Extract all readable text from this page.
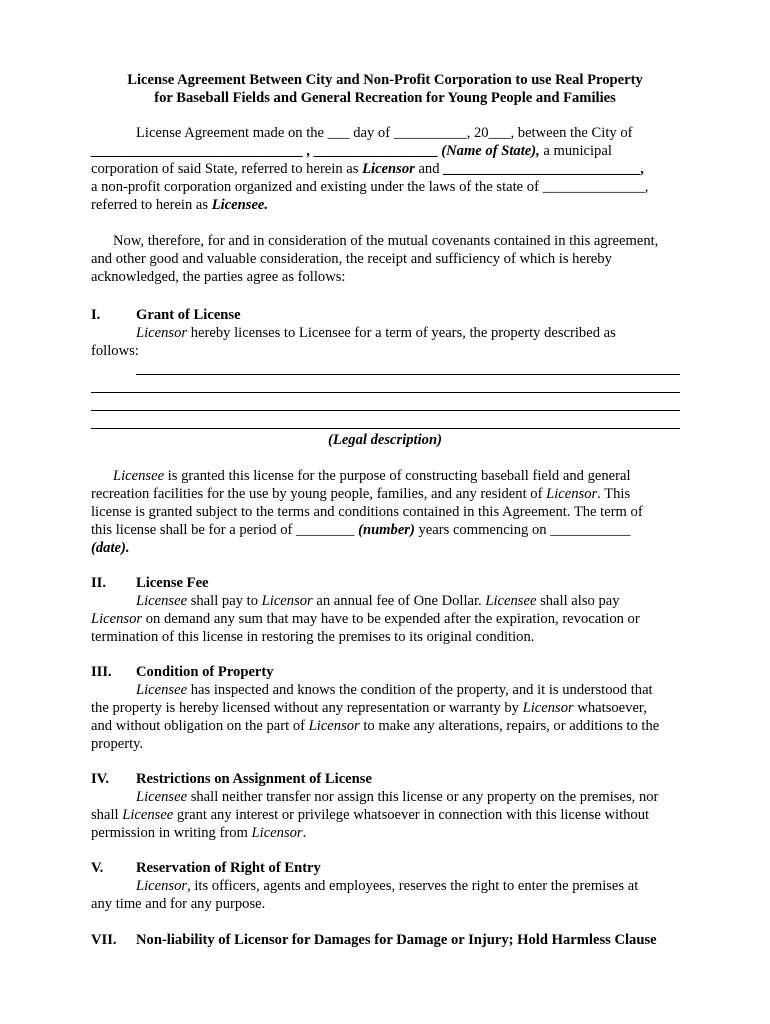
License Agreement Between City and Non-Profit Corporation to use Real Property
for Baseball Fields and General Recreation for Young People and Families
License Agreement made on the ___ day of __________, 20___, between the City of
_____________________________ , _________________ (Name of State), a municipal
corporation of said State, referred to herein as Licensor and ___________________________,
a non-profit corporation organized and existing under the laws of the state of ______________,
referred to herein as Licensee.
Now, therefore, for and in consideration of the mutual covenants contained in this agreement,
and other good and valuable consideration, the receipt and sufficiency of which is hereby
acknowledged, the parties agree as follows:
I. Grant of License
Licensor hereby licenses to Licensee for a term of years, the property described as
follows:
(Legal description)
Licensee is granted this license for the purpose of constructing baseball field and general
recreation facilities for the use by young people, families, and any resident of Licensor. This
license is granted subject to the terms and conditions contained in this Agreement. The term of
this license shall be for a period of ________ (number) years commencing on ___________
(date).
II. License Fee
Licensee shall pay to Licensor an annual fee of One Dollar. Licensee shall also pay
Licensor on demand any sum that may have to be expended after the expiration, revocation or
termination of this license in restoring the premises to its original condition.
III. Condition of Property
Licensee has inspected and knows the condition of the property, and it is understood that
the property is hereby licensed without any representation or warranty by Licensor whatsoever,
and without obligation on the part of Licensor to make any alterations, repairs, or additions to the
property.
IV. Restrictions on Assignment of License
Licensee shall neither transfer nor assign this license or any property on the premises, nor
shall Licensee grant any interest or privilege whatsoever in connection with this license without
permission in writing from Licensor.
V. Reservation of Right of Entry
Licensor, its officers, agents and employees, reserves the right to enter the premises at
any time and for any purpose.
VII. Non-liability of Licensor for Damages for Damage or Injury; Hold Harmless Clause
